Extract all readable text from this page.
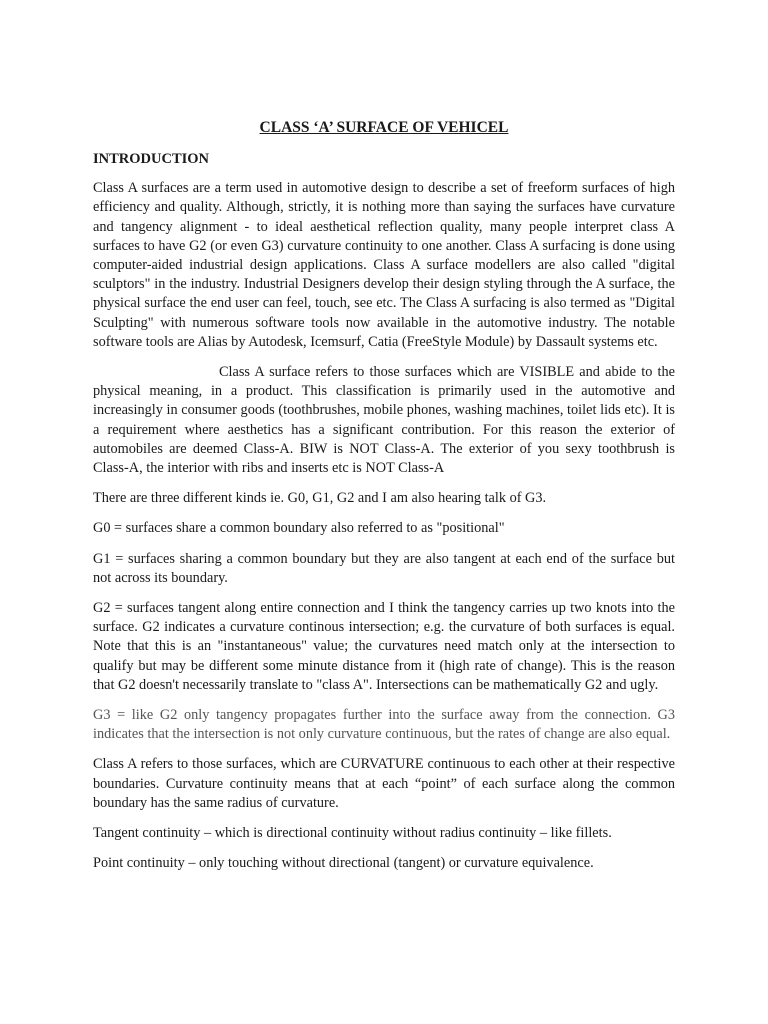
CLASS ‘A’ SURFACE OF VEHICEL
INTRODUCTION

Class A surfaces are a term used in automotive design to describe a set of freeform surfaces of high efficiency and quality. Although, strictly, it is nothing more than saying the surfaces have curvature and tangency alignment - to ideal aesthetical reflection quality, many people interpret class A surfaces to have G2 (or even G3) curvature continuity to one another. Class A surfacing is done using computer-aided industrial design applications. Class A surface modellers are also called "digital sculptors" in the industry. Industrial Designers develop their design styling through the A surface, the physical surface the end user can feel, touch, see etc. The Class A surfacing is also termed as "Digital Sculpting" with numerous software tools now available in the automotive industry. The notable software tools are Alias by Autodesk, Icemsurf, Catia (FreeStyle Module) by Dassault systems etc.

Class A surface refers to those surfaces which are VISIBLE and abide to the physical meaning, in a product. This classification is primarily used in the automotive and increasingly in consumer goods (toothbrushes, mobile phones, washing machines, toilet lids etc). It is a requirement where aesthetics has a significant contribution. For this reason the exterior of automobiles are deemed Class-A. BIW is NOT Class-A. The exterior of you sexy toothbrush is Class-A, the interior with ribs and inserts etc is NOT Class-A

There are three different kinds ie. G0, G1, G2 and I am also hearing talk of G3.

G0 = surfaces share a common boundary also referred to as "positional"

G1 = surfaces sharing a common boundary but they are also tangent at each end of the surface but not across its boundary.

G2 = surfaces tangent along entire connection and I think the tangency carries up two knots into the surface. G2 indicates a curvature continous intersection; e.g. the curvature of both surfaces is equal. Note that this is an "instantaneous" value; the curvatures need match only at the intersection to qualify but may be different some minute distance from it (high rate of change). This is the reason that G2 doesn't necessarily translate to "class A". Intersections can be mathematically G2 and ugly.

G3 = like G2 only tangency propagates further into the surface away from the connection. G3 indicates that the intersection is not only curvature continuous, but the rates of change are also equal.

Class A refers to those surfaces, which are CURVATURE continuous to each other at their respective boundaries. Curvature continuity means that at each “point” of each surface along the common boundary has the same radius of curvature.

Tangent continuity – which is directional continuity without radius continuity – like fillets.

Point continuity – only touching without directional (tangent) or curvature equivalence.
